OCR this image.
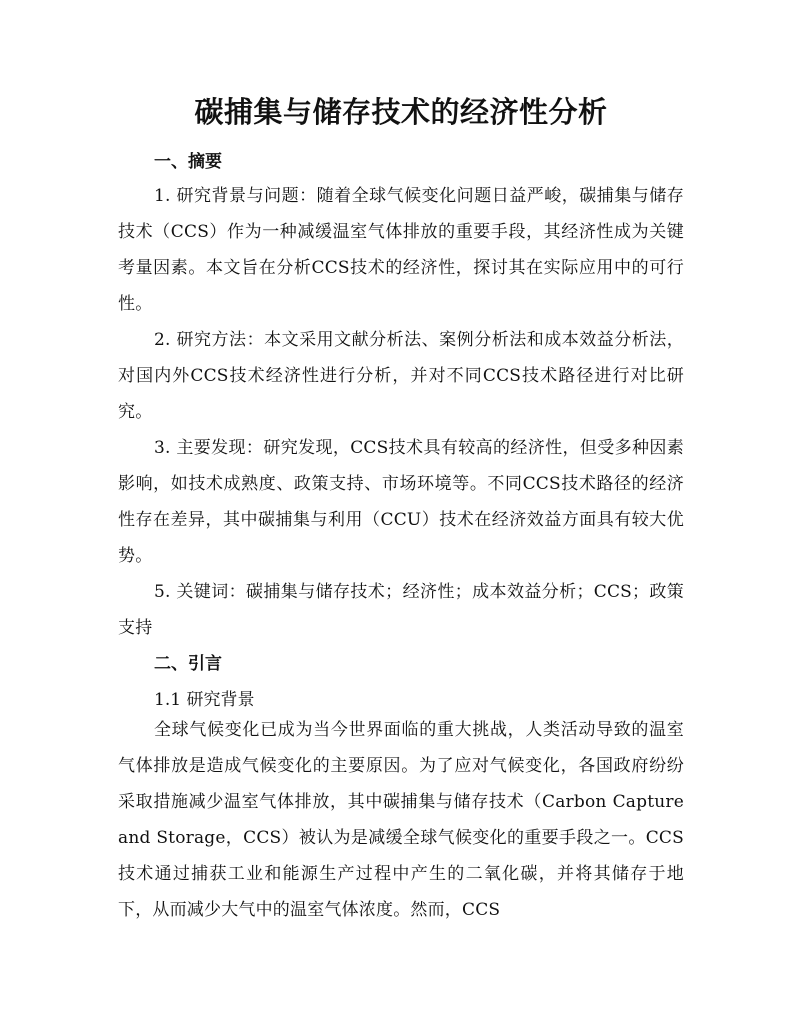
碳捕集与储存技术的经济性分析
一、摘要

1. 研究背景与问题：随着全球气候变化问题日益严峻，碳捕集与储存技术（CCS）作为一种减缓温室气体排放的重要手段，其经济性成为关键考量因素。本文旨在分析CCS技术的经济性，探讨其在实际应用中的可行性。

2. 研究方法：本文采用文献分析法、案例分析法和成本效益分析法，对国内外CCS技术经济性进行分析，并对不同CCS技术路径进行对比研究。

3. 主要发现：研究发现，CCS技术具有较高的经济性，但受多种因素影响，如技术成熟度、政策支持、市场环境等。不同CCS技术路径的经济性存在差异，其中碳捕集与利用（CCU）技术在经济效益方面具有较大优势。

5. 关键词：碳捕集与储存技术；经济性；成本效益分析；CCS；政策支持

二、引言

1.1 研究背景

全球气候变化已成为当今世界面临的重大挑战，人类活动导致的温室气体排放是造成气候变化的主要原因。为了应对气候变化，各国政府纷纷采取措施减少温室气体排放，其中碳捕集与储存技术（Carbon Capture and Storage，CCS）被认为是减缓全球气候变化的重要手段之一。CCS技术通过捕获工业和能源生产过程中产生的二氧化碳，并将其储存于地下，从而减少大气中的温室气体浓度。然而，CCS
